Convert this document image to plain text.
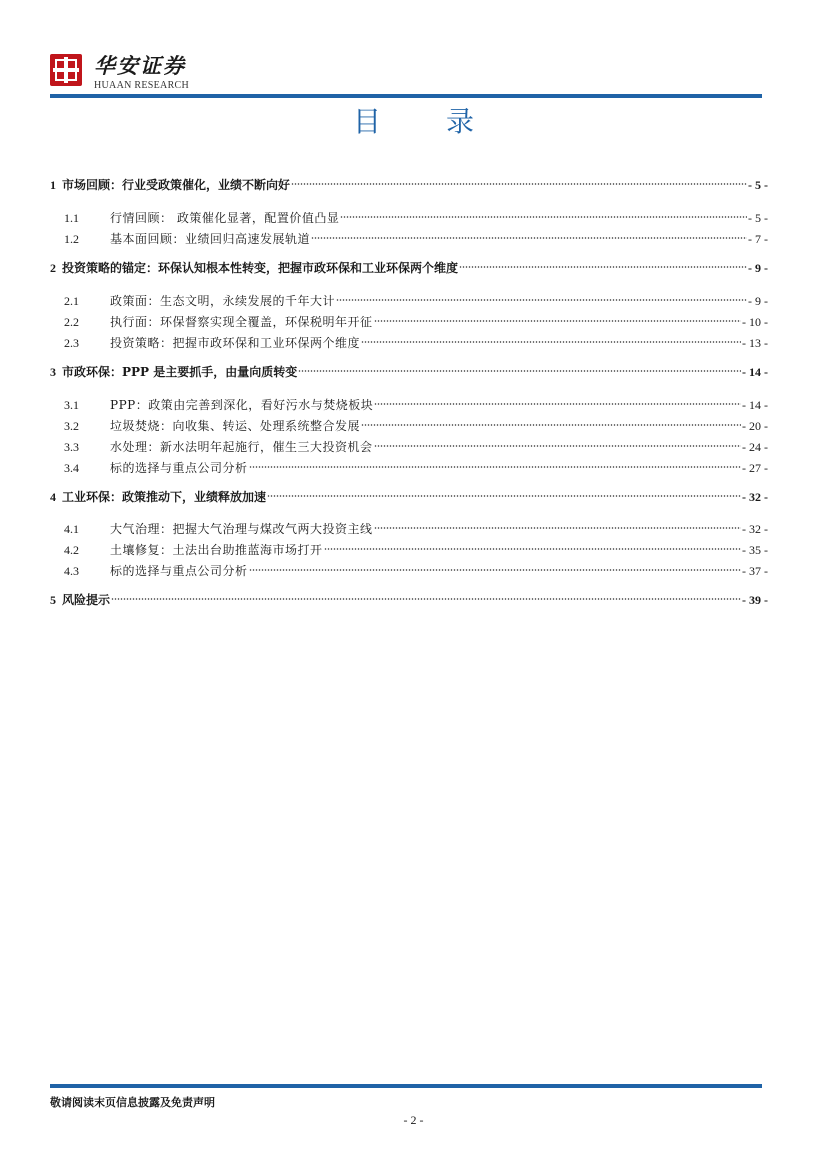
华安证券
HUAAN RESEARCH
目 录
1 市场回顾：行业受政策催化，业绩不断向好	- 5 -
1.1	行情回顾： 政策催化显著，配置价值凸显	- 5 -
1.2	基本面回顾：业绩回归高速发展轨道	- 7 -
2 投资策略的锚定：环保认知根本性转变，把握市政环保和工业环保两个维度	- 9 -
2.1	政策面：生态文明，永续发展的千年大计	- 9 -
2.2	执行面：环保督察实现全覆盖，环保税明年开征	- 10 -
2.3	投资策略：把握市政环保和工业环保两个维度	- 13 -
3 市政环保：PPP 是主要抓手，由量向质转变	- 14 -
3.1	PPP：政策由完善到深化，看好污水与焚烧板块	- 14 -
3.2	垃圾焚烧：向收集、转运、处理系统整合发展	- 20 -
3.3	水处理：新水法明年起施行，催生三大投资机会	- 24 -
3.4	标的选择与重点公司分析	- 27 -
4 工业环保：政策推动下，业绩释放加速	- 32 -
4.1	大气治理：把握大气治理与煤改气两大投资主线	- 32 -
4.2	土壤修复：土法出台助推蓝海市场打开	- 35 -
4.3	标的选择与重点公司分析	- 37 -
5 风险提示	- 39 -
敬请阅读末页信息披露及免责声明
- 2 -
